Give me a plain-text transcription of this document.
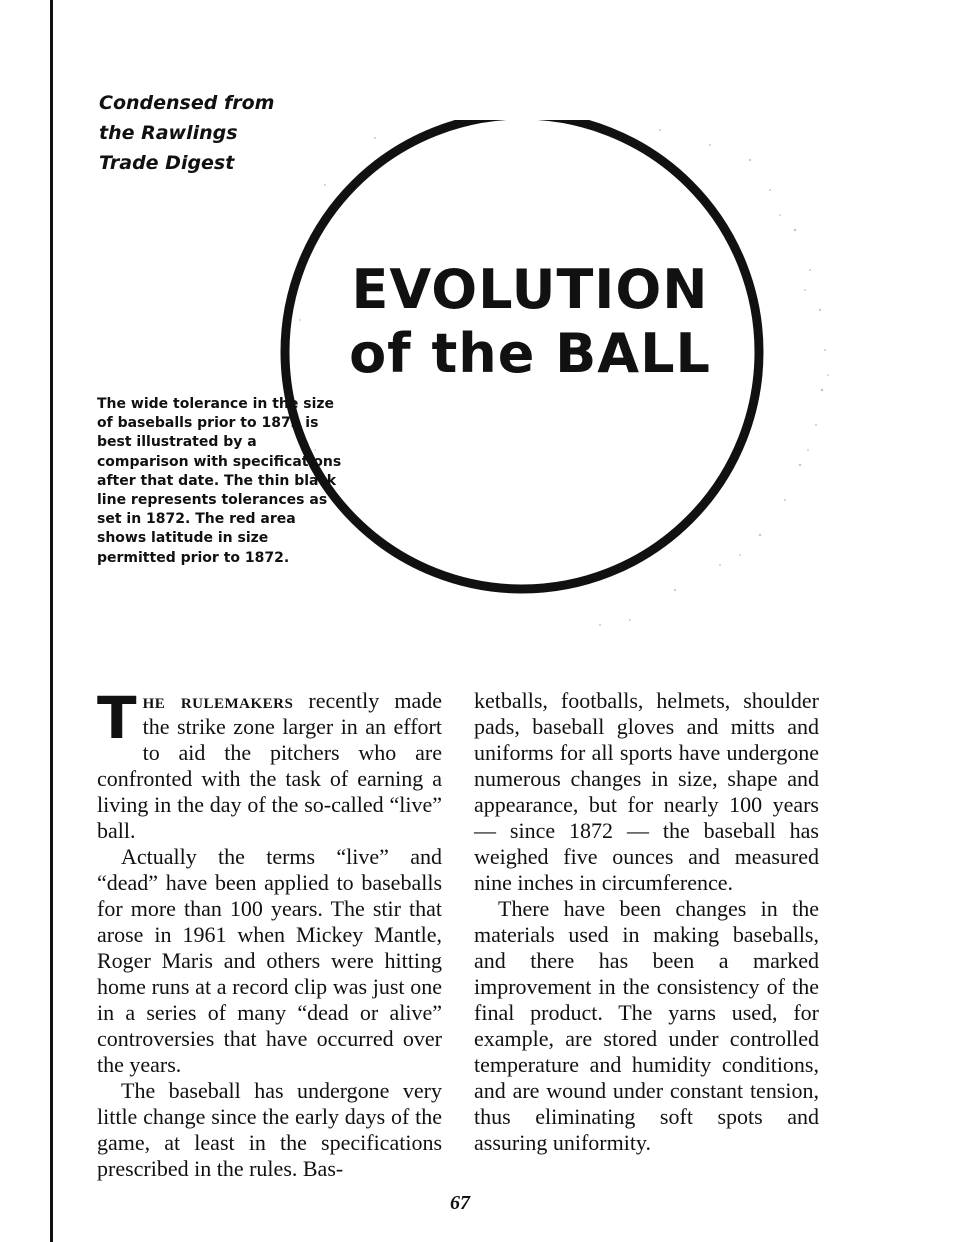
Condensed from
the Rawlings
Trade Digest
EVOLUTION
of the BALL
The wide tolerance in the size of baseballs prior to 1872 is best illustrated by a comparison with specifications after that date. The thin black line represents tolerances as set in 1872. The red area shows latitude in size permitted prior to 1872.

The rulemakers recently made the strike zone larger in an effort to aid the pitchers who are confronted with the task of earning a living in the day of the so-called “live” ball.

Actually the terms “live” and “dead” have been applied to baseballs for more than 100 years. The stir that arose in 1961 when Mickey Mantle, Roger Maris and others were hitting home runs at a record clip was just one in a series of many “dead or alive” controversies that have occurred over the years.

The baseball has undergone very little change since the early days of the game, at least in the specifications prescribed in the rules. Bas-

ketballs, footballs, helmets, shoulder pads, baseball gloves and mitts and uniforms for all sports have undergone numerous changes in size, shape and appearance, but for nearly 100 years — since 1872 — the baseball has weighed five ounces and measured nine inches in circumference.

There have been changes in the materials used in making baseballs, and there has been a marked improvement in the consistency of the final product. The yarns used, for example, are stored under controlled temperature and humidity conditions, and are wound under constant tension, thus eliminating soft spots and assuring uniformity.

67
